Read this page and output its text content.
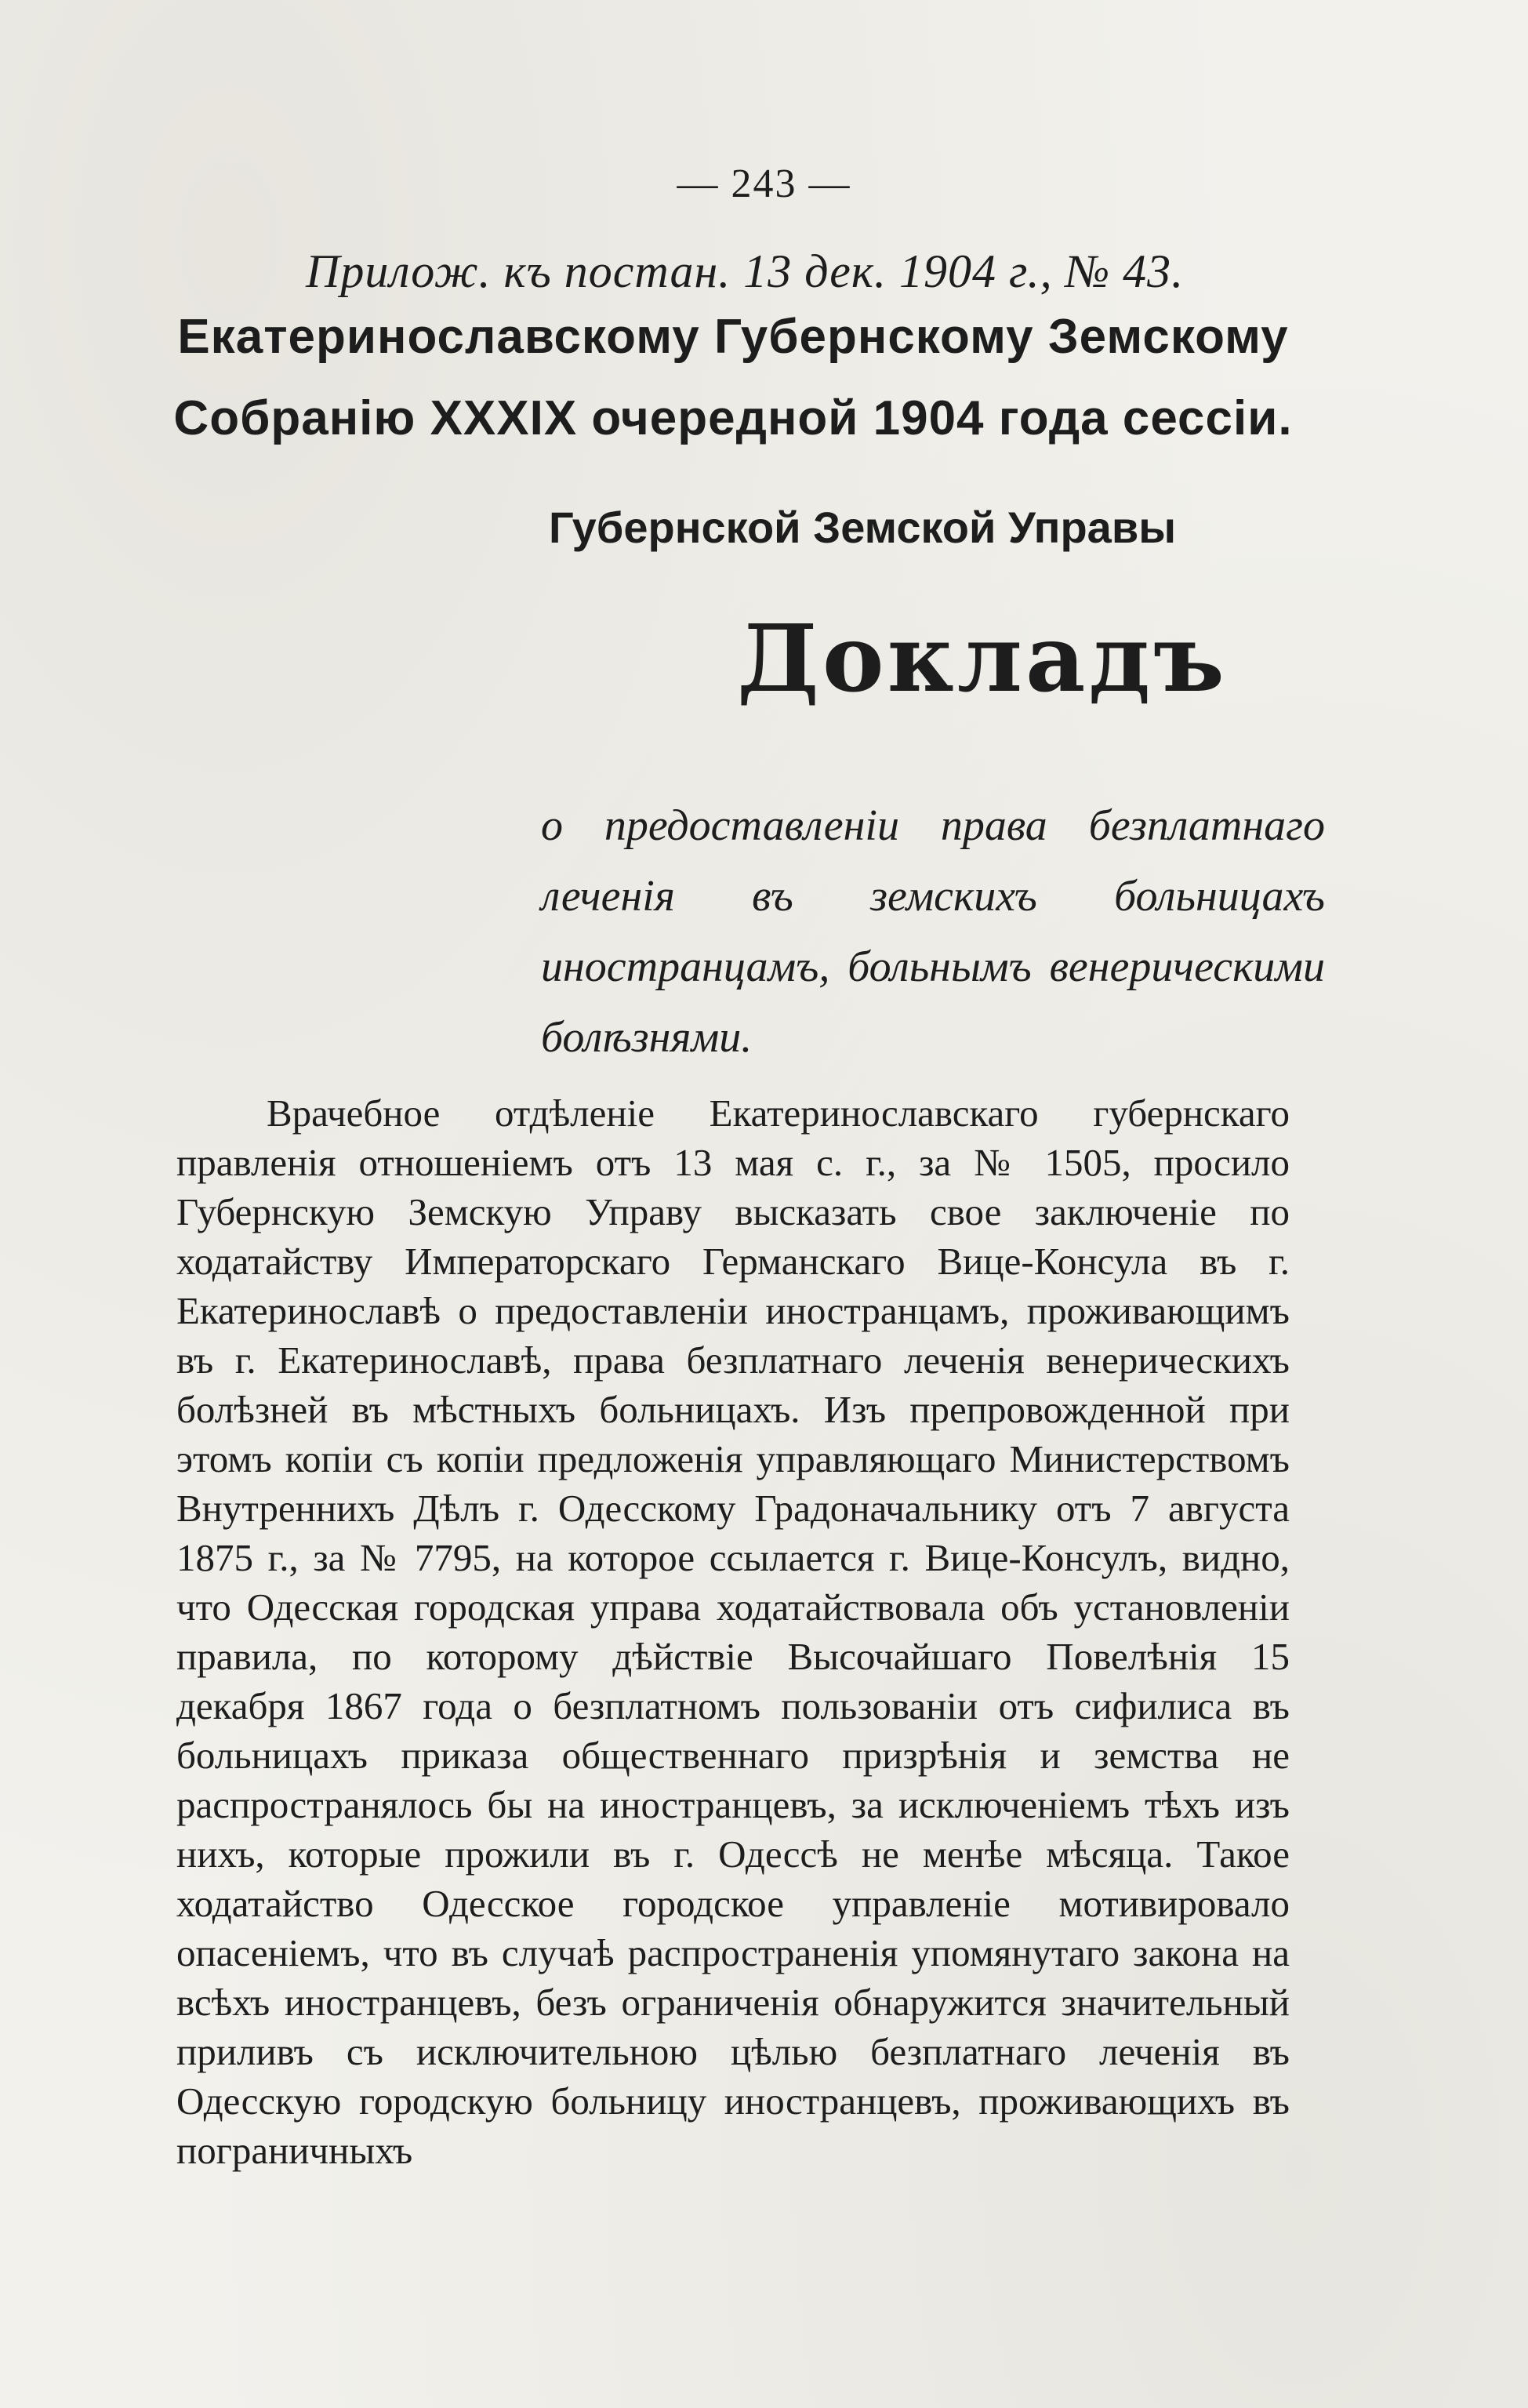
— 243 —
Прилож. къ постан. 13 дек. 1904 г., № 43.
Екатеринославскому Губернскому Земскому Собранію XXXIX очередной 1904 года сессіи.
Губернской Земской Управы
Докладъ
о предоставленіи права безплатнаго леченія въ земскихъ больницахъ иностранцамъ, больнымъ венерическими болѣзнями.
Врачебное отдѣленіе Екатеринославскаго губернскаго правленія отношеніемъ отъ 13 мая с. г., за № 1505, просило Губернскую Земскую Управу высказать свое заключеніе по ходатайству Императорскаго Германскаго Вице-Консула въ г. Екатеринославѣ о предоставленіи иностранцамъ, проживающимъ въ г. Екатеринославѣ, права безплатнаго леченія венерическихъ болѣзней въ мѣстныхъ больницахъ. Изъ препровожденной при этомъ копіи съ копіи предложенія управляющаго Министерствомъ Внутреннихъ Дѣлъ г. Одесскому Градоначальнику отъ 7 августа 1875 г., за № 7795, на которое ссылается г. Вице-Консулъ, видно, что Одесская городская управа ходатайствовала объ установленіи правила, по которому дѣйствіе Высочайшаго Повелѣнія 15 декабря 1867 года о безплатномъ пользованіи отъ сифилиса въ больницахъ приказа общественнаго призрѣнія и земства не распространялось бы на иностранцевъ, за исключеніемъ тѣхъ изъ нихъ, которые прожили въ г. Одессѣ не менѣе мѣсяца. Такое ходатайство Одесское городское управленіе мотивировало опасеніемъ, что въ случаѣ распространенія упомянутаго закона на всѣхъ иностранцевъ, безъ ограниченія обнаружится значительный приливъ съ исключительною цѣлью безплатнаго леченія въ Одесскую городскую больницу иностранцевъ, проживающихъ въ пограничныхъ
